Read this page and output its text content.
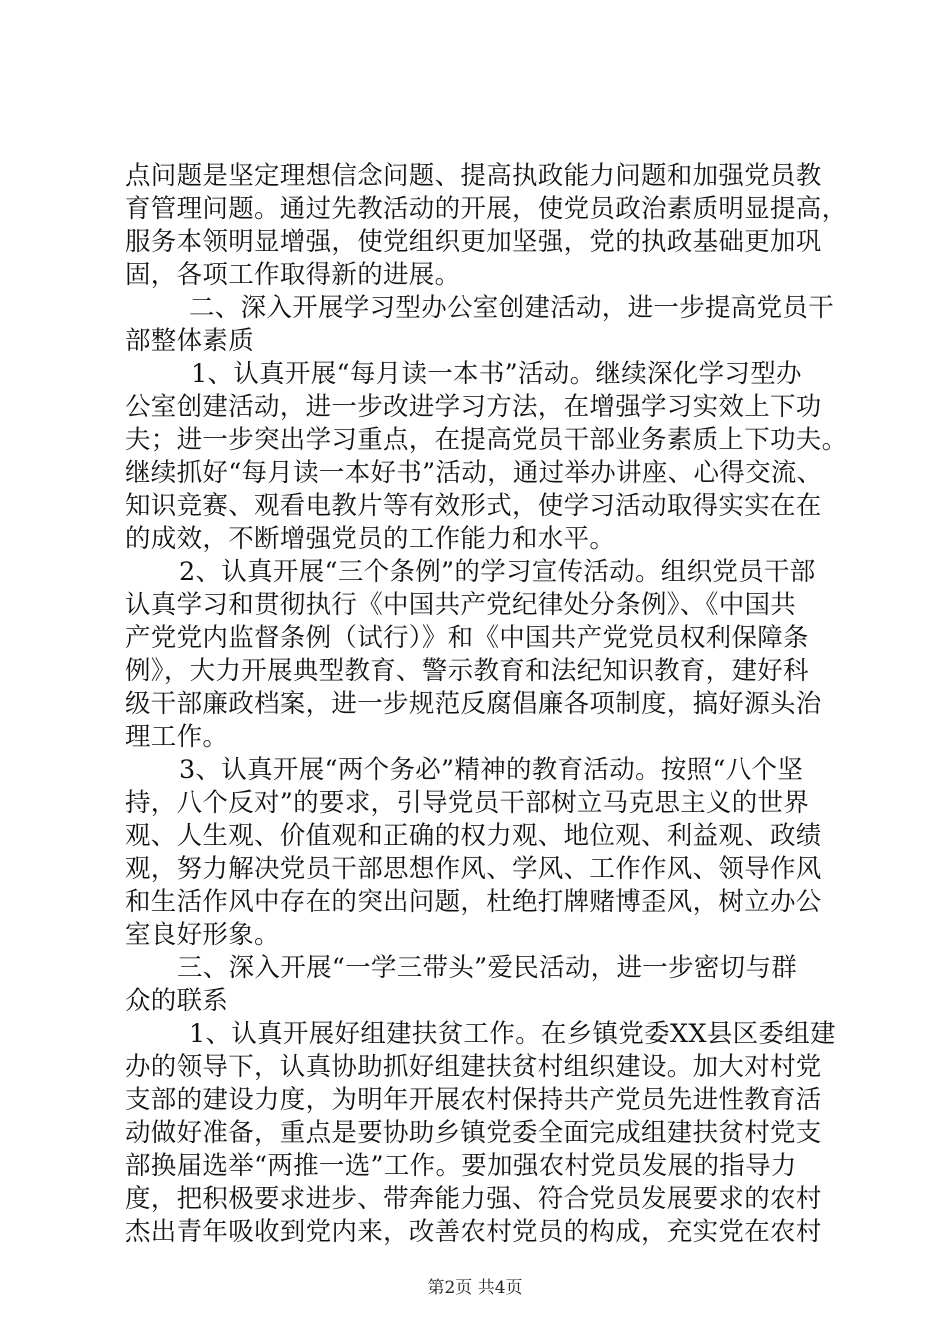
点问题是坚定理想信念问题、提高执政能力问题和加强党员教
育管理问题。通过先教活动的开展，使党员政治素质明显提高，
服务本领明显增强，使党组织更加坚强，党的执政基础更加巩
固，各项工作取得新的进展。
二、深入开展学习型办公室创建活动，进一步提高党员干
部整体素质
1、认真开展“每月读一本书”活动。继续深化学习型办
公室创建活动，进一步改进学习方法，在增强学习实效上下功
夫；进一步突出学习重点，在提高党员干部业务素质上下功夫。
继续抓好“每月读一本好书”活动，通过举办讲座、心得交流、
知识竞赛、观看电教片等有效形式，使学习活动取得实实在在
的成效，不断增强党员的工作能力和水平。
2、认真开展“三个条例”的学习宣传活动。组织党员干部
认真学习和贯彻执行《中国共产党纪律处分条例》、《中国共
产党党内监督条例（试行）》和《中国共产党党员权利保障条
例》，大力开展典型教育、警示教育和法纪知识教育，建好科
级干部廉政档案，进一步规范反腐倡廉各项制度，搞好源头治
理工作。
3、认真开展“两个务必”精神的教育活动。按照“八个坚
持，八个反对”的要求，引导党员干部树立马克思主义的世界
观、人生观、价值观和正确的权力观、地位观、利益观、政绩
观，努力解决党员干部思想作风、学风、工作作风、领导作风
和生活作风中存在的突出问题，杜绝打牌赌博歪风，树立办公
室良好形象。
三、深入开展“一学三带头”爱民活动，进一步密切与群
众的联系
1、认真开展好组建扶贫工作。在乡镇党委XX县区委组建
办的领导下，认真协助抓好组建扶贫村组织建设。加大对村党
支部的建设力度，为明年开展农村保持共产党员先进性教育活
动做好准备，重点是要协助乡镇党委全面完成组建扶贫村党支
部换届选举“两推一选”工作。要加强农村党员发展的指导力
度，把积极要求进步、带奔能力强、符合党员发展要求的农村
杰出青年吸收到党内来，改善农村党员的构成，充实党在农村
第2页 共4页
